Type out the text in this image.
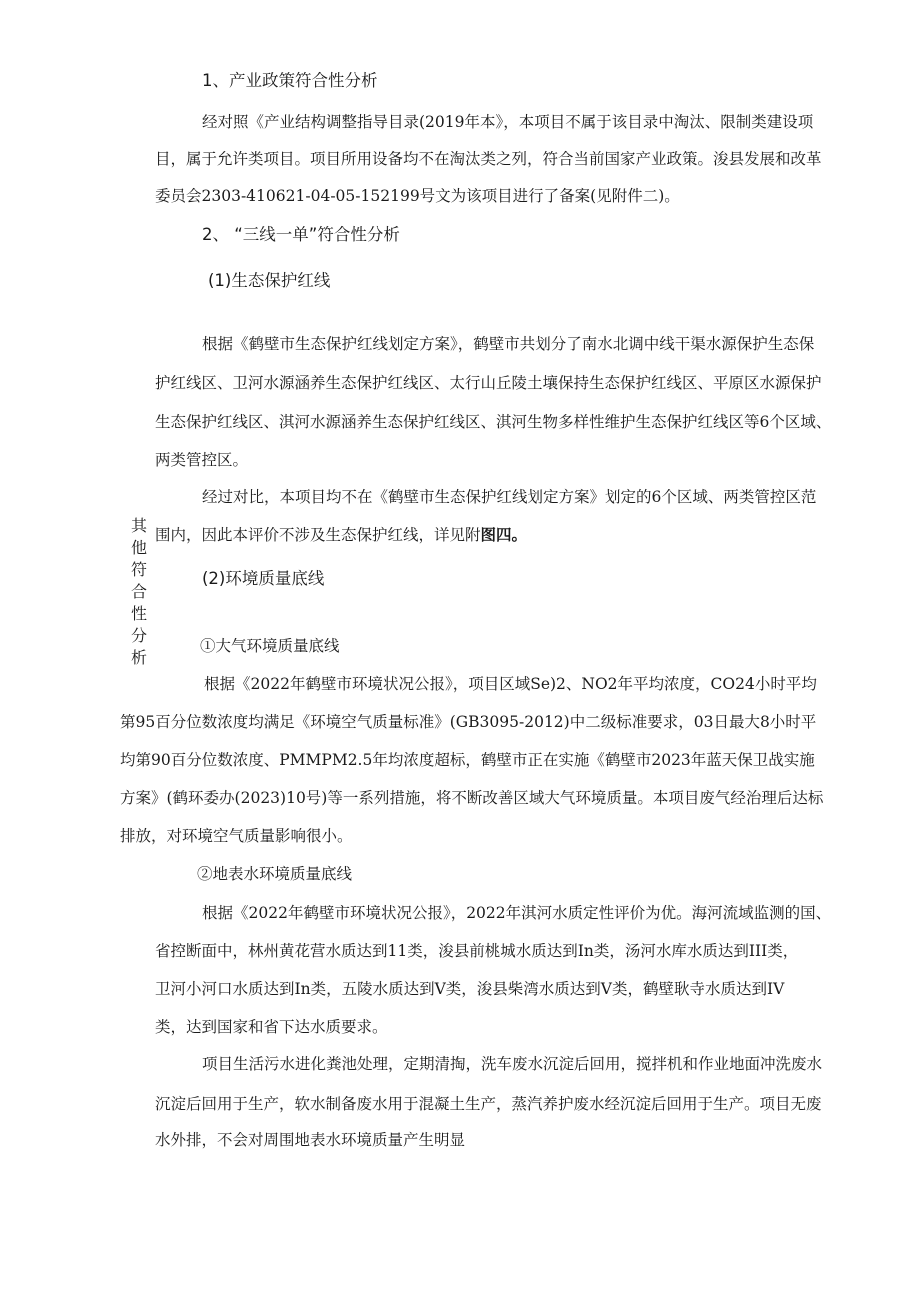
1、产业政策符合性分析
经对照《产业结构调整指导目录(2019年本》，本项目不属于该目录中淘汰、限制类建设项
目，属于允许类项目。项目所用设备均不在淘汰类之列，符合当前国家产业政策。浚县发展和改革
委员会2303-410621-04-05-152199号文为该项目进行了备案(见附件二)。
2、 “三线一单”符合性分析
(1)生态保护红线
根据《鹤壁市生态保护红线划定方案》，鹤壁市共划分了南水北调中线干渠水源保护生态保
护红线区、卫河水源涵养生态保护红线区、太行山丘陵土壤保持生态保护红线区、平原区水源保护
生态保护红线区、淇河水源涵养生态保护红线区、淇河生物多样性维护生态保护红线区等6个区域、
两类管控区。
经过对比，本项目均不在《鹤壁市生态保护红线划定方案》划定的6个区域、两类管控区范
围内，因此本评价不涉及生态保护红线，详见附图四。
其他符合性分析
(2)环境质量底线
①大气环境质量底线
根据《2022年鹤壁市环境状况公报》，项目区域Se)2、NO2年平均浓度，CO24小时平均
第95百分位数浓度均满足《环境空气质量标准》(GB3095-2012)中二级标准要求，03日最大8小时平
均第90百分位数浓度、PMMPM2.5年均浓度超标，鹤壁市正在实施《鹤壁市2023年蓝天保卫战实施
方案》(鹤环委办(2023)10号)等一系列措施，将不断改善区域大气环境质量。本项目废气经治理后达标
排放，对环境空气质量影响很小。
②地表水环境质量底线
根据《2022年鹤壁市环境状况公报》，2022年淇河水质定性评价为优。海河流域监测的国、
省控断面中，林州黄花营水质达到11类，浚县前桃城水质达到In类，汤河水库水质达到III类，
卫河小河口水质达到In类，五陵水质达到V类，浚县柴湾水质达到V类，鹤壁耿寺水质达到IV
类，达到国家和省下达水质要求。
项目生活污水进化粪池处理，定期清掏，洗车废水沉淀后回用，搅拌机和作业地面冲洗废水
沉淀后回用于生产，软水制备废水用于混凝土生产，蒸汽养护废水经沉淀后回用于生产。项目无废
水外排，不会对周围地表水环境质量产生明显
